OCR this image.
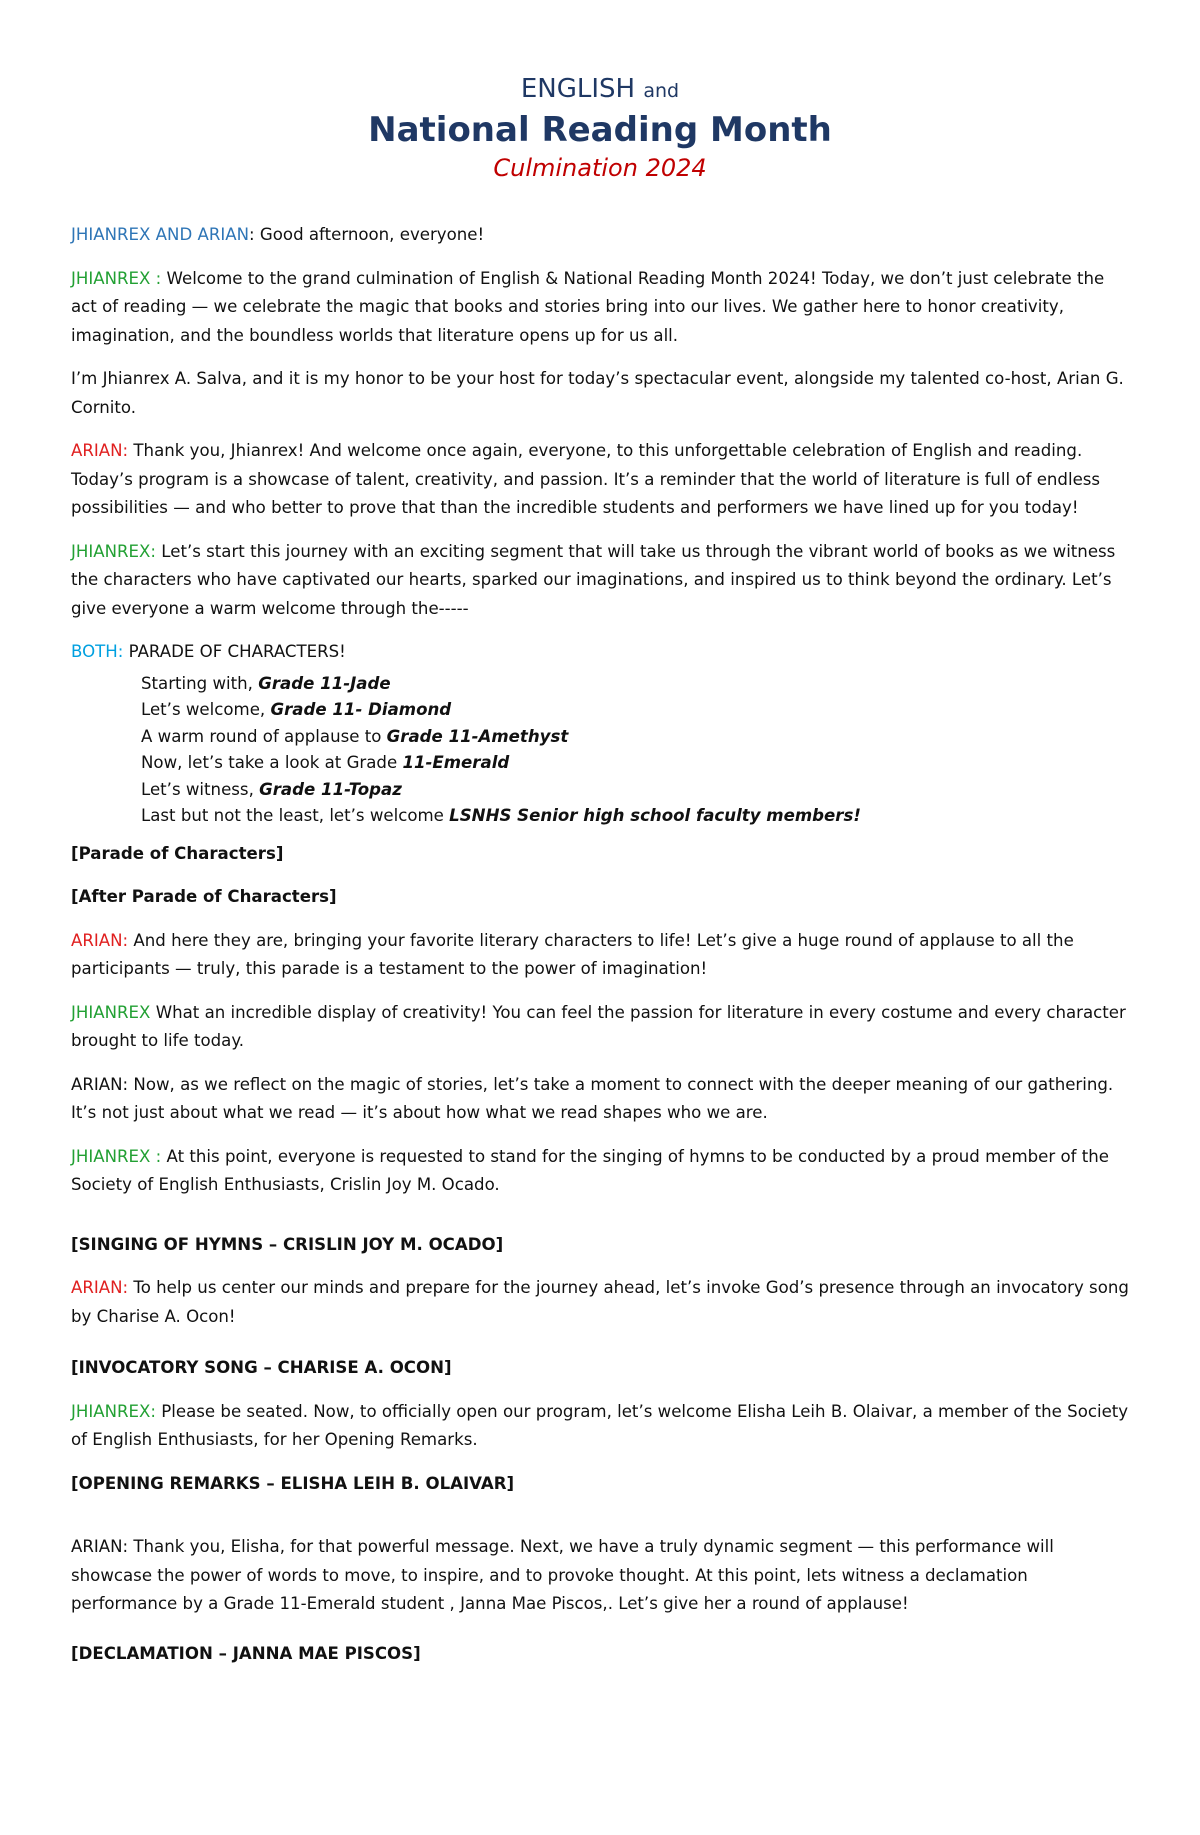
ENGLISH and
National Reading Month
Culmination 2024

JHIANREX AND ARIAN: Good afternoon, everyone!

JHIANREX : Welcome to the grand culmination of English & National Reading Month 2024! Today, we don’t just celebrate the act of reading — we celebrate the magic that books and stories bring into our lives. We gather here to honor creativity, imagination, and the boundless worlds that literature opens up for us all.

I’m Jhianrex A. Salva, and it is my honor to be your host for today’s spectacular event, alongside my talented co-host, Arian G. Cornito.

ARIAN: Thank you, Jhianrex! And welcome once again, everyone, to this unforgettable celebration of English and reading. Today’s program is a showcase of talent, creativity, and passion. It’s a reminder that the world of literature is full of endless possibilities — and who better to prove that than the incredible students and performers we have lined up for you today!

JHIANREX: Let’s start this journey with an exciting segment that will take us through the vibrant world of books as we witness the characters who have captivated our hearts, sparked our imaginations, and inspired us to think beyond the ordinary. Let’s give everyone a warm welcome through the-----

BOTH: PARADE OF CHARACTERS!

Starting with, Grade 11-Jade
Let’s welcome, Grade 11- Diamond
A warm round of applause to Grade 11-Amethyst
Now, let’s take a look at Grade 11-Emerald
Let’s witness, Grade 11-Topaz
Last but not the least, let’s welcome LSNHS Senior high school faculty members!

[Parade of Characters]

[After Parade of Characters]

ARIAN: And here they are, bringing your favorite literary characters to life! Let’s give a huge round of applause to all the participants — truly, this parade is a testament to the power of imagination!

JHIANREX What an incredible display of creativity! You can feel the passion for literature in every costume and every character brought to life today.

ARIAN: Now, as we reflect on the magic of stories, let’s take a moment to connect with the deeper meaning of our gathering. It’s not just about what we read — it’s about how what we read shapes who we are.

JHIANREX : At this point, everyone is requested to stand for the singing of hymns to be conducted by a proud member of the Society of English Enthusiasts, Crislin Joy M. Ocado.

[SINGING OF HYMNS – CRISLIN JOY M. OCADO]

ARIAN: To help us center our minds and prepare for the journey ahead, let’s invoke God’s presence through an invocatory song by Charise A. Ocon!

[INVOCATORY SONG – CHARISE A. OCON]

JHIANREX: Please be seated. Now, to officially open our program, let’s welcome Elisha Leih B. Olaivar, a member of the Society of English Enthusiasts, for her Opening Remarks.

[OPENING REMARKS – ELISHA LEIH B. OLAIVAR]

ARIAN: Thank you, Elisha, for that powerful message. Next, we have a truly dynamic segment — this performance will showcase the power of words to move, to inspire, and to provoke thought. At this point, lets witness a declamation performance by a Grade 11-Emerald student , Janna Mae Piscos,. Let’s give her a round of applause!

[DECLAMATION – JANNA MAE PISCOS]
